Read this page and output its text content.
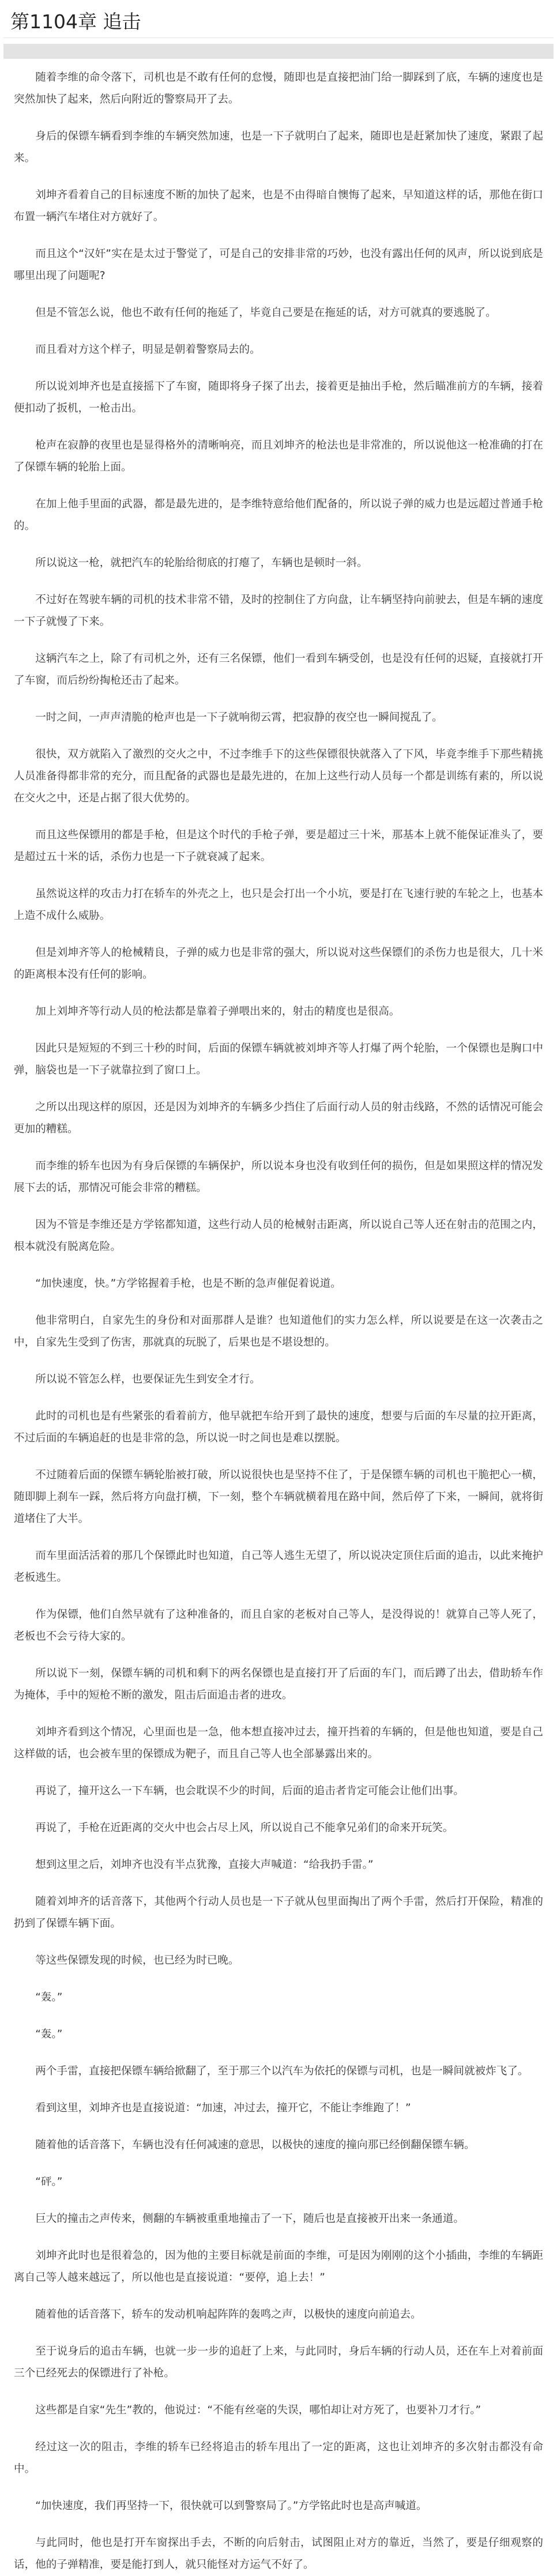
第1104章 追击

随着李维的命令落下，司机也是不敢有任何的怠慢，随即也是直接把油门给一脚踩到了底，车辆的速度也是突然加快了起来，然后向附近的警察局开了去。

身后的保镖车辆看到李维的车辆突然加速，也是一下子就明白了起来，随即也是赶紧加快了速度，紧跟了起来。

刘坤齐看着自己的目标速度不断的加快了起来，也是不由得暗自懊悔了起来，早知道这样的话，那他在街口布置一辆汽车堵住对方就好了。

而且这个“汉奸”实在是太过于警觉了，可是自己的安排非常的巧妙，也没有露出任何的风声，所以说到底是哪里出现了问题呢?

但是不管怎么说，他也不敢有任何的拖延了，毕竟自己要是在拖延的话，对方可就真的要逃脱了。

而且看对方这个样子，明显是朝着警察局去的。

所以说刘坤齐也是直接摇下了车窗，随即将身子探了出去，接着更是抽出手枪，然后瞄准前方的车辆，接着便扣动了扳机，一枪击出。

枪声在寂静的夜里也是显得格外的清晰响亮，而且刘坤齐的枪法也是非常准的，所以说他这一枪准确的打在了保镖车辆的轮胎上面。

在加上他手里面的武器，都是最先进的，是李维特意给他们配备的，所以说子弹的威力也是远超过普通手枪的。

所以说这一枪，就把汽车的轮胎给彻底的打瘪了，车辆也是顿时一斜。

不过好在驾驶车辆的司机的技术非常不错，及时的控制住了方向盘，让车辆坚持向前驶去，但是车辆的速度一下子就慢了下来。

这辆汽车之上，除了有司机之外，还有三名保镖，他们一看到车辆受创，也是没有任何的迟疑，直接就打开了车窗，而后纷纷掏枪还击了起来。

一时之间，一声声清脆的枪声也是一下子就响彻云霄，把寂静的夜空也一瞬间搅乱了。

很快，双方就陷入了激烈的交火之中，不过李维手下的这些保镖很快就落入了下风，毕竟李维手下那些精挑人员准备得都非常的充分，而且配备的武器也是最先进的，在加上这些行动人员每一个都是训练有素的，所以说在交火之中，还是占据了很大优势的。

而且这些保镖用的都是手枪，但是这个时代的手枪子弹，要是超过三十米，那基本上就不能保证准头了，要是超过五十米的话，杀伤力也是一下子就衰减了起来。

虽然说这样的攻击力打在轿车的外壳之上，也只是会打出一个小坑，要是打在飞速行驶的车轮之上，也基本上造不成什么威胁。

但是刘坤齐等人的枪械精良，子弹的威力也是非常的强大，所以说对这些保镖们的杀伤力也是很大，几十米的距离根本没有任何的影响。

加上刘坤齐等行动人员的枪法都是靠着子弹喂出来的，射击的精度也是很高。

因此只是短短的不到三十秒的时间，后面的保镖车辆就被刘坤齐等人打爆了两个轮胎，一个保镖也是胸口中弹，脑袋也是一下子就靠拉到了窗口上。

之所以出现这样的原因，还是因为刘坤齐的车辆多少挡住了后面行动人员的射击线路，不然的话情况可能会更加的糟糕。

而李维的轿车也因为有身后保镖的车辆保护，所以说本身也没有收到任何的损伤，但是如果照这样的情况发展下去的话，那情况可能会非常的糟糕。

因为不管是李维还是方学铭都知道，这些行动人员的枪械射击距离，所以说自己等人还在射击的范围之内，根本就没有脱离危险。

“加快速度，快。”方学铭握着手枪，也是不断的急声催促着说道。

他非常明白，自家先生的身份和对面那群人是谁？也知道他们的实力怎么样，所以说要是在这一次袭击之中，自家先生受到了伤害，那就真的玩脱了，后果也是不堪设想的。

所以说不管怎么样，也要保证先生到安全才行。

此时的司机也是有些紧张的看着前方，他早就把车给开到了最快的速度，想要与后面的车尽量的拉开距离，不过后面的车辆追赶的也是非常的急，所以说一时之间也是难以摆脱。

不过随着后面的保镖车辆轮胎被打破，所以说很快也是坚持不住了，于是保镖车辆的司机也干脆把心一横，随即脚上刹车一踩，然后将方向盘打横，下一刻，整个车辆就横着甩在路中间，然后停了下来，一瞬间，就将街道堵住了大半。

而车里面活活着的那几个保镖此时也知道，自己等人逃生无望了，所以说决定顶住后面的追击，以此来掩护老板逃生。

作为保镖，他们自然早就有了这种准备的，而且自家的老板对自己等人，是没得说的！就算自己等人死了，老板也不会亏待大家的。

所以说下一刻，保镖车辆的司机和剩下的两名保镖也是直接打开了后面的车门，而后蹲了出去，借助轿车作为掩体，手中的短枪不断的激发，阻击后面追击者的进攻。

刘坤齐看到这个情况，心里面也是一急，他本想直接冲过去，撞开挡着的车辆的，但是他也知道，要是自己这样做的话，也会被车里的保镖成为靶子，而且自己等人也全部暴露出来的。

再说了，撞开这么一下车辆，也会耽误不少的时间，后面的追击者肯定可能会让他们出事。

再说了，手枪在近距离的交火中也会占尽上风，所以说自己不能拿兄弟们的命来开玩笑。

想到这里之后，刘坤齐也没有半点犹豫，直接大声喊道：“给我扔手雷。”

随着刘坤齐的话音落下，其他两个行动人员也是一下子就从包里面掏出了两个手雷，然后打开保险，精准的扔到了保镖车辆下面。

等这些保镖发现的时候，也已经为时已晚。

“轰。”

“轰。”

两个手雷，直接把保镖车辆给掀翻了，至于那三个以汽车为依托的保镖与司机，也是一瞬间就被炸飞了。

看到这里，刘坤齐也是直接说道：“加速，冲过去，撞开它，不能让李维跑了！”

随着他的话音落下，车辆也没有任何减速的意思，以极快的速度的撞向那已经倒翻保镖车辆。

“砰。”

巨大的撞击之声传来，侧翻的车辆被重重地撞击了一下，随后也是直接被开出来一条通道。

刘坤齐此时也是很着急的，因为他的主要目标就是前面的李维，可是因为刚刚的这个小插曲，李维的车辆距离自己等人越来越远了，所以他也是直接说道：“要停，追上去！”

随着他的话音落下，轿车的发动机响起阵阵的轰鸣之声，以极快的速度向前追去。

至于说身后的追击车辆，也就一步一步的追赶了上来，与此同时，身后车辆的行动人员，还在车上对着前面三个已经死去的保镖进行了补枪。

这些都是自家“先生”教的，他说过：“不能有丝毫的失误，哪怕却让对方死了，也要补刀才行。”

经过这一次的阻击，李维的轿车已经将追击的轿车甩出了一定的距离，这也让刘坤齐的多次射击都没有命中。

“加快速度，我们再坚持一下，很快就可以到警察局了。”方学铭此时也是高声喊道。

与此同时，他也是打开车窗探出手去，不断的向后射击，试图阻止对方的靠近，当然了，要是仔细观察的话，他的子弹精准，要是能打到人，就只能怪对方运气不好了。
